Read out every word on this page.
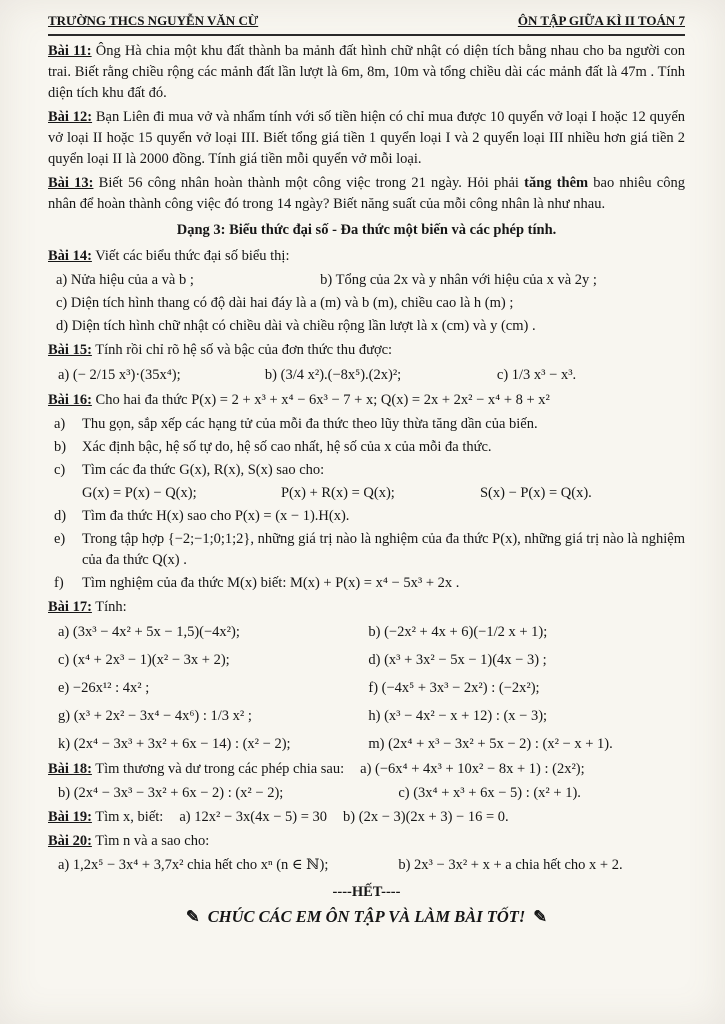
TRƯỜNG THCS NGUYỄN VĂN CỪ	ÔN TẬP GIỮA KÌ II TOÁN 7

Bài 11: Ông Hà chia một khu đất thành ba mảnh đất hình chữ nhật có diện tích bằng nhau cho ba người con trai. Biết rằng chiều rộng các mảnh đất lần lượt là 6m, 8m, 10m và tổng chiều dài các mảnh đất là 47m . Tính diện tích khu đất đó.

Bài 12: Bạn Liên đi mua vở và nhẩm tính với số tiền hiện có chỉ mua được 10 quyển vở loại I hoặc 12 quyển vở loại II hoặc 15 quyển vở loại III. Biết tổng giá tiền 1 quyển loại I và 2 quyển loại III nhiều hơn giá tiền 2 quyển loại II là 2000 đồng. Tính giá tiền mỗi quyển vở mỗi loại.

Bài 13: Biết 56 công nhân hoàn thành một công việc trong 21 ngày. Hỏi phải tăng thêm bao nhiêu công nhân để hoàn thành công việc đó trong 14 ngày? Biết năng suất của mỗi công nhân là như nhau.

Dạng 3: Biểu thức đại số - Đa thức một biến và các phép tính.

Bài 14: Viết các biểu thức đại số biểu thị:

a) Nửa hiệu của a và b ;	b) Tổng của 2x và y nhân với hiệu của x và 2y ;
c) Diện tích hình thang có độ dài hai đáy là a (m) và b (m), chiều cao là h (m) ;
d) Diện tích hình chữ nhật có chiều dài và chiều rộng lần lượt là x (cm) và y (cm) .

Bài 15: Tính rồi chỉ rõ hệ số và bậc của đơn thức thu được:

a) (− 2/15 x³)·(35x⁴);	b) (3/4 x²).(−8x⁵).(2x)²;	c) 1/3 x³ − x³.

Bài 16: Cho hai đa thức P(x) = 2 + x³ + x⁴ − 6x³ − 7 + x; Q(x) = 2x + 2x² − x⁴ + 8 + x²

a)	Thu gọn, sắp xếp các hạng tử của mỗi đa thức theo lũy thừa tăng dần của biến.
b)	Xác định bậc, hệ số tự do, hệ số cao nhất, hệ số của x của mỗi đa thức.
c)	Tìm các đa thức G(x), R(x), S(x) sao cho:
G(x) = P(x) − Q(x);	P(x) + R(x) = Q(x);	S(x) − P(x) = Q(x).
d)	Tìm đa thức H(x) sao cho P(x) = (x − 1).H(x).
e)	Trong tập hợp {−2;−1;0;1;2}, những giá trị nào là nghiệm của đa thức P(x), những giá trị nào là nghiệm của đa thức Q(x) .
f)	Tìm nghiệm của đa thức M(x) biết: M(x) + P(x) = x⁴ − 5x³ + 2x .

Bài 17: Tính:

a) (3x³ − 4x² + 5x − 1,5)(−4x²);	b) (−2x² + 4x + 6)(−1/2 x + 1);
c) (x⁴ + 2x³ − 1)(x² − 3x + 2);	d) (x³ + 3x² − 5x − 1)(4x − 3) ;
e) −26x¹² : 4x² ;	f) (−4x⁵ + 3x³ − 2x²) : (−2x²);
g) (x³ + 2x² − 3x⁴ − 4x⁶) : 1/3 x² ;	h) (x³ − 4x² − x + 12) : (x − 3);
k) (2x⁴ − 3x³ + 3x² + 6x − 14) : (x² − 2);	m) (2x⁴ + x³ − 3x² + 5x − 2) : (x² − x + 1).

Bài 18: Tìm thương và dư trong các phép chia sau: a) (−6x⁴ + 4x³ + 10x² − 8x + 1) : (2x²);

b) (2x⁴ − 3x³ − 3x² + 6x − 2) : (x² − 2);	c) (3x⁴ + x³ + 6x − 5) : (x² + 1).

Bài 19: Tìm x, biết: a) 12x² − 3x(4x − 5) = 30 b) (2x − 3)(2x + 3) − 16 = 0.

Bài 20: Tìm n và a sao cho:

a) 1,2x⁵ − 3x⁴ + 3,7x² chia hết cho xⁿ (n ∈ ℕ);	b) 2x³ − 3x² + x + a chia hết cho x + 2.
----HẾT----
✎ CHÚC CÁC EM ÔN TẬP VÀ LÀM BÀI TỐT! ✎
